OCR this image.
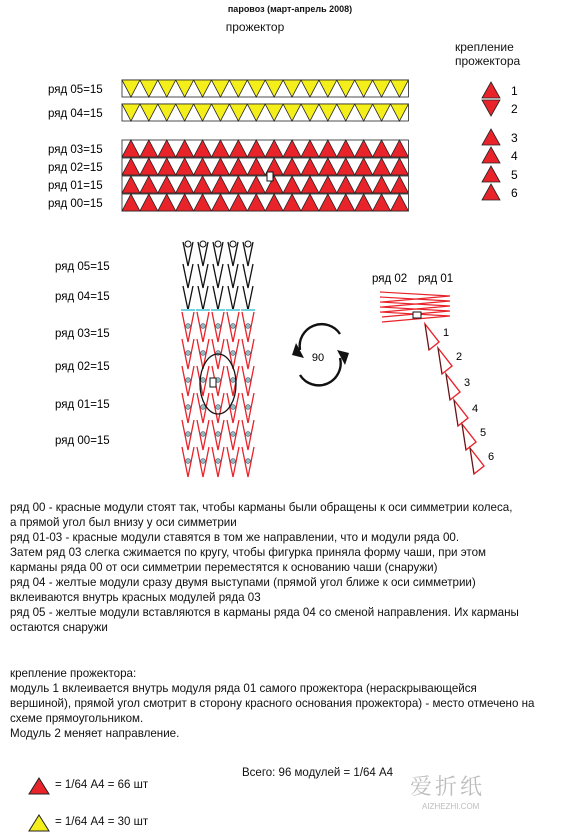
паровоз (март-апрель 2008)
прожектор
ряд 05=15
ряд 04=15
ряд 03=15
ряд 02=15
ряд 01=15
ряд 00=15
1
2
3
4
5
6
крепление прожектора
ряд 05=15
ряд 04=15
ряд 03=15
ряд 02=15
ряд 01=15
ряд 00=15
90
1
2
3
4
5
6
ряд 02 ряд 01
ряд 00 - красные модули стоят так, чтобы карманы были обращены к оси симметрии колеса,
а прямой угол был внизу у оси симметрии
ряд 01-03 - красные модули ставятся в том же направлении, что и модули ряда 00.
Затем ряд 03 слегка сжимается по кругу, чтобы фигурка приняла форму чаши, при этом
карманы ряда 00 от оси симметрии переместятся к основанию чаши (снаружи)
ряд 04 - желтые модули сразу двумя выступами (прямой угол ближе к оси симметрии)
вклеиваются внутрь красных модулей ряда 03
ряд 05 - желтые модули вставляются в карманы ряда 04 со сменой направления. Их карманы
остаются снаружи
крепление прожектора:
модуль 1 вклеивается внутрь модуля ряда 01 самого прожектора (нераскрывающейся
вершиной), прямой угол смотрит в сторону красного основания прожектора) - место отмечено на
схеме прямоугольником.
Модуль 2 меняет направление.
Всего: 96 модулей = 1/64 А4
= 1/64 А4 = 66 шт
= 1/64 А4 = 30 шт
爱折纸
AIZHEZHI.COM
